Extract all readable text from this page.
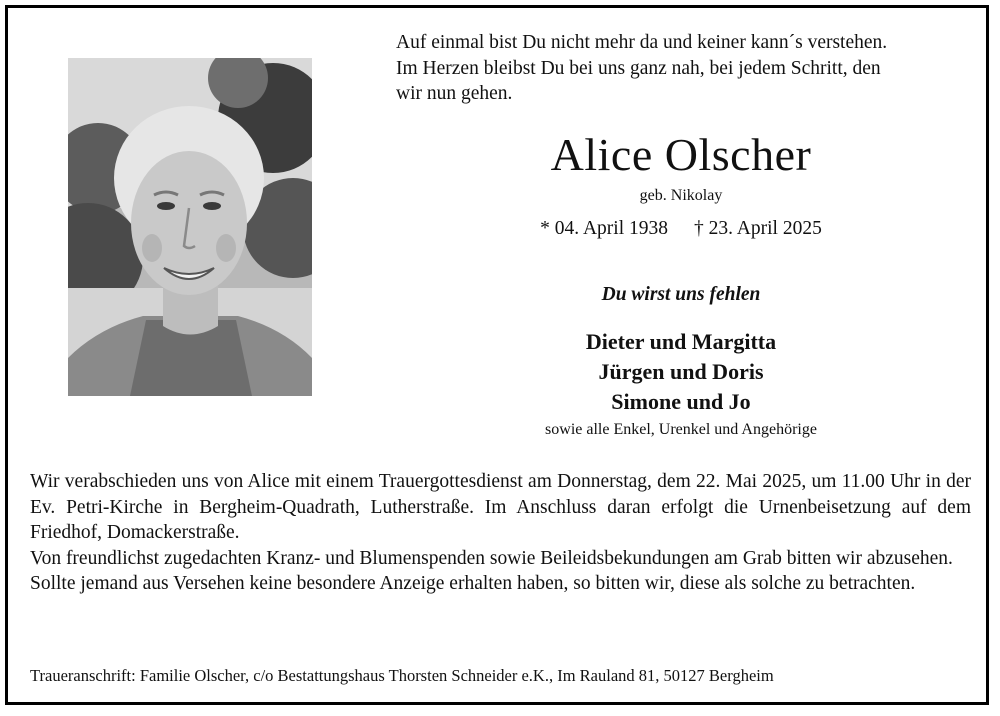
Auf einmal bist Du nicht mehr da und keiner kann´s verstehen.
Im Herzen bleibst Du bei uns ganz nah, bei jedem Schritt, den
wir nun gehen.
Alice Olscher
geb. Nikolay
* 04. April 1938 † 23. April 2025
Du wirst uns fehlen
Dieter und Margitta
Jürgen und Doris
Simone und Jo
sowie alle Enkel, Urenkel und Angehörige

Wir verabschieden uns von Alice mit einem Trauergottesdienst am Donnerstag, dem 22. Mai 2025, um 11.00 Uhr in der Ev. Petri-Kirche in Bergheim-Quadrath, Lutherstraße. Im Anschluss daran erfolgt die Urnenbeisetzung auf dem Friedhof, Domackerstraße.

Von freundlichst zugedachten Kranz- und Blumenspenden sowie Beileidsbekundungen am Grab bitten wir abzusehen.

Sollte jemand aus Versehen keine besondere Anzeige erhalten haben, so bitten wir, diese als solche zu betrachten.

Traueranschrift: Familie Olscher, c/o Bestattungshaus Thorsten Schneider e.K., Im Rauland 81, 50127 Bergheim
